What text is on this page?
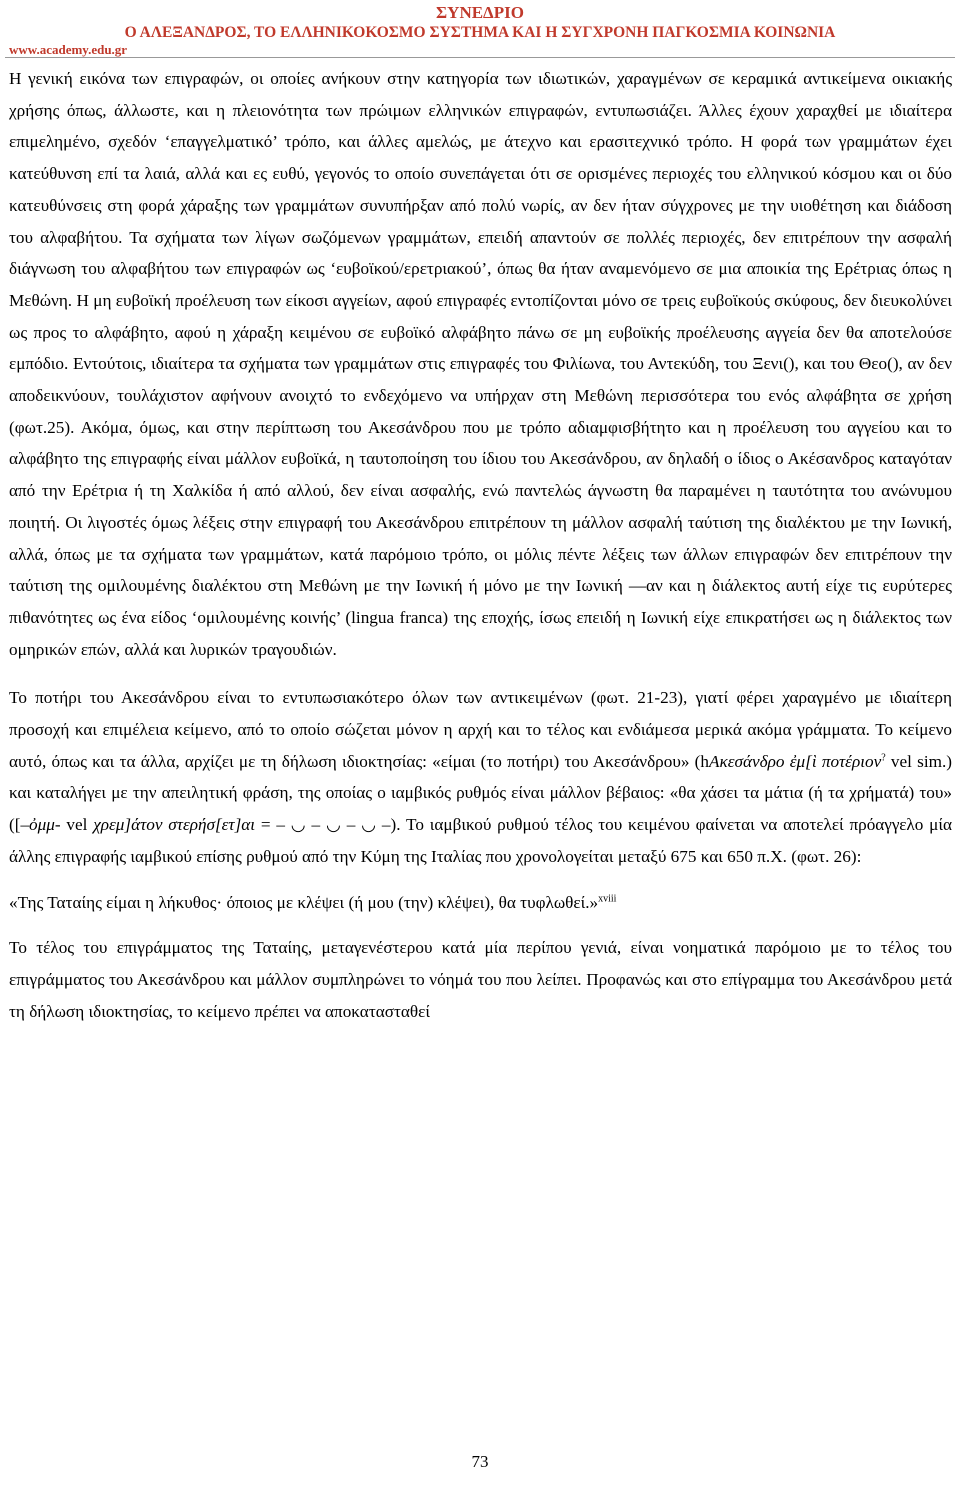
ΣΥΝΕΔΡΙΟ

Ο ΑΛΕΞΑΝΔΡΟΣ, ΤΟ ΕΛΛΗΝΙΚΟΚΟΣΜΟ ΣΥΣΤΗΜΑ ΚΑΙ Η ΣΥΓΧΡΟΝΗ ΠΑΓΚΟΣΜΙΑ ΚΟΙΝΩΝΙΑ

www.academy.edu.gr

Η γενική εικόνα των επιγραφών, οι οποίες ανήκουν στην κατηγορία των ιδιωτικών, χαραγμένων σε κεραμικά αντικείμενα οικιακής χρήσης όπως, άλλωστε, και η πλειονότητα των πρώιμων ελληνικών επιγραφών, εντυπωσιάζει. Άλλες έχουν χαραχθεί με ιδιαίτερα επιμελημένο, σχεδόν ‘επαγγελματικό’ τρόπο, και άλλες αμελώς, με άτεχνο και ερασιτεχνικό τρόπο. Η φορά των γραμμάτων έχει κατεύθυνση επί τα λαιά, αλλά και ες ευθύ, γεγονός το οποίο συνεπάγεται ότι σε ορισμένες περιοχές του ελληνικού κόσμου και οι δύο κατευθύνσεις στη φορά χάραξης των γραμμάτων συνυπήρξαν από πολύ νωρίς, αν δεν ήταν σύγχρονες με την υιοθέτηση και διάδοση του αλφαβήτου. Τα σχήματα των λίγων σωζόμενων γραμμάτων, επειδή απαντούν σε πολλές περιοχές, δεν επιτρέπουν την ασφαλή διάγνωση του αλφαβήτου των επιγραφών ως ‘ευβοϊκού/ερετριακού’, όπως θα ήταν αναμενόμενο σε μια αποικία της Ερέτριας όπως η Μεθώνη. Η μη ευβοϊκή προέλευση των είκοσι αγγείων, αφού επιγραφές εντοπίζονται μόνο σε τρεις ευβοϊκούς σκύφους, δεν διευκολύνει ως προς το αλφάβητο, αφού η χάραξη κειμένου σε ευβοϊκό αλφάβητο πάνω σε μη ευβοϊκής προέλευσης αγγεία δεν θα αποτελούσε εμπόδιο. Εντούτοις, ιδιαίτερα τα σχήματα των γραμμάτων στις επιγραφές του Φιλίωνα, του Αντεκύδη, του Ξενι(), και του Θεο(), αν δεν αποδεικνύουν, τουλάχιστον αφήνουν ανοιχτό το ενδεχόμενο να υπήρχαν στη Μεθώνη περισσότερα του ενός αλφάβητα σε χρήση (φωτ.25). Ακόμα, όμως, και στην περίπτωση του Ακεσάνδρου που με τρόπο αδιαμφισβήτητο και η προέλευση του αγγείου και το αλφάβητο της επιγραφής είναι μάλλον ευβοϊκά, η ταυτοποίηση του ίδιου του Ακεσάνδρου, αν δηλαδή ο ίδιος ο Ακέσανδρος καταγόταν από την Ερέτρια ή τη Χαλκίδα ή από αλλού, δεν είναι ασφαλής, ενώ παντελώς άγνωστη θα παραμένει η ταυτότητα του ανώνυμου ποιητή. Οι λιγοστές όμως λέξεις στην επιγραφή του Ακεσάνδρου επιτρέπουν τη μάλλον ασφαλή ταύτιση της διαλέκτου με την Ιωνική, αλλά, όπως με τα σχήματα των γραμμάτων, κατά παρόμοιο τρόπο, οι μόλις πέντε λέξεις των άλλων επιγραφών δεν επιτρέπουν την ταύτιση της ομιλουμένης διαλέκτου στη Μεθώνη με την Ιωνική ή μόνο με την Ιωνική —αν και η διάλεκτος αυτή είχε τις ευρύτερες πιθανότητες ως ένα είδος ‘ομιλουμένης κοινής’ (lingua franca) της εποχής, ίσως επειδή η Ιωνική είχε επικρατήσει ως η διάλεκτος των ομηρικών επών, αλλά και λυρικών τραγουδιών.

Το ποτήρι του Ακεσάνδρου είναι το εντυπωσιακότερο όλων των αντικειμένων (φωτ. 21-23), γιατί φέρει χαραγμένο με ιδιαίτερη προσοχή και επιμέλεια κείμενο, από το οποίο σώζεται μόνον η αρχή και το τέλος και ενδιάμεσα μερικά ακόμα γράμματα. Το κείμενο αυτό, όπως και τα άλλα, αρχίζει με τη δήλωση ιδιοκτησίας: «είμαι (το ποτήρι) του Ακεσάνδρου» (hΑκεσάνδρο ἐμ[ὶ ποτέριον? vel sim.) και καταλήγει με την απειλητική φράση, της οποίας ο ιαμβικός ρυθμός είναι μάλλον βέβαιος: «θα χάσει τα μάτια (ή τα χρήματά) του» ([–ὀμμ- vel χρεμ]άτον στερήσ[ετ]αι = – ◡ – ◡ – ◡ –). Το ιαμβικού ρυθμού τέλος του κειμένου φαίνεται να αποτελεί πρόαγγελο μία άλλης επιγραφής ιαμβικού επίσης ρυθμού από την Κύμη της Ιταλίας που χρονολογείται μεταξύ 675 και 650 π.Χ. (φωτ. 26):

«Της Ταταίης είμαι η λήκυθος· όποιος με κλέψει (ή μου (την) κλέψει), θα τυφλωθεί.»$^{xviii}$

Το τέλος του επιγράμματος της Ταταίης, μεταγενέστερου κατά μία περίπου γενιά, είναι νοηματικά παρόμοιο με το τέλος του επιγράμματος του Ακεσάνδρου και μάλλον συμπληρώνει το νόημά του που λείπει. Προφανώς και στο επίγραμμα του Ακεσάνδρου μετά τη δήλωση ιδιοκτησίας, το κείμενο πρέπει να αποκατασταθεί

73
